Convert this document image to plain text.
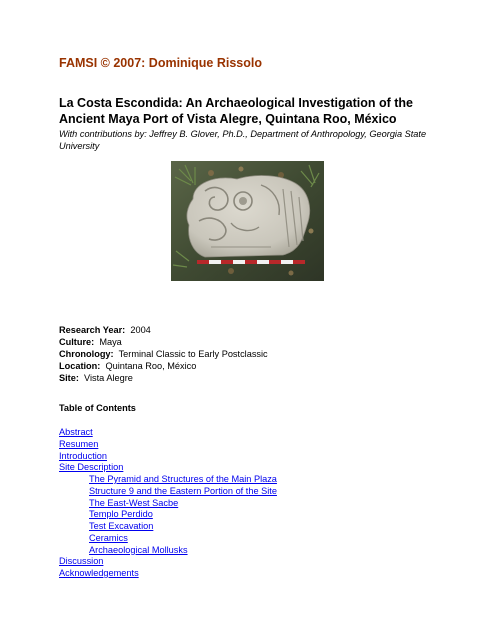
FAMSI © 2007: Dominique Rissolo
La Costa Escondida: An Archaeological Investigation of the Ancient Maya Port of Vista Alegre, Quintana Roo, México
With contributions by: Jeffrey B. Glover, Ph.D., Department of Anthropology, Georgia State University
Research Year: 2004
Culture: Maya
Chronology: Terminal Classic to Early Postclassic
Location: Quintana Roo, México
Site: Vista Alegre
Table of Contents
Abstract
Resumen
Introduction
Site Description
The Pyramid and Structures of the Main Plaza
Structure 9 and the Eastern Portion of the Site
The East-West Sacbe
Templo Perdido
Test Excavation
Ceramics
Archaeological Mollusks
Discussion
Acknowledgements
